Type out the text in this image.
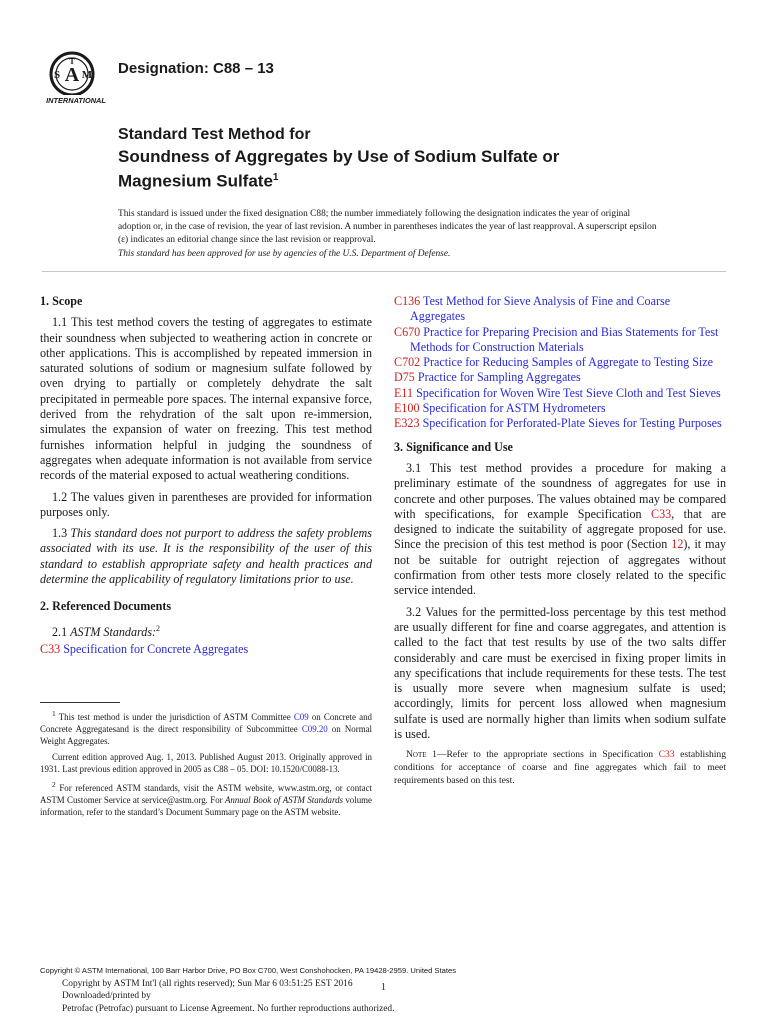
A
S M
T
INTERNATIONAL
Designation: C88 – 13

Standard Test Method for

Soundness of Aggregates by Use of Sodium Sulfate or
Magnesium Sulfate$^1$

This standard is issued under the fixed designation C88; the number immediately following the designation indicates the year of original adoption or, in the case of revision, the year of last revision. A number in parentheses indicates the year of last reapproval. A superscript epsilon (ε) indicates an editorial change since the last revision or reapproval.
This standard has been approved for use by agencies of the U.S. Department of Defense.

1. Scope

1.1 This test method covers the testing of aggregates to estimate their soundness when subjected to weathering action in concrete or other applications. This is accomplished by repeated immersion in saturated solutions of sodium or magnesium sulfate followed by oven drying to partially or completely dehydrate the salt precipitated in permeable pore spaces. The internal expansive force, derived from the rehydration of the salt upon re-immersion, simulates the expansion of water on freezing. This test method furnishes information helpful in judging the soundness of aggregates when adequate information is not available from service records of the material exposed to actual weathering conditions.

1.2 The values given in parentheses are provided for information purposes only.

1.3 This standard does not purport to address the safety problems associated with its use. It is the responsibility of the user of this standard to establish appropriate safety and health practices and determine the applicability of regulatory limitations prior to use.

2. Referenced Documents

2.1 ASTM Standards:$^2$

C33 Specification for Concrete Aggregates

$^1$ This test method is under the jurisdiction of ASTM Committee C09 on Concrete and Concrete Aggregatesand is the direct responsibility of Subcommittee C09.20 on Normal Weight Aggregates.

Current edition approved Aug. 1, 2013. Published August 2013. Originally approved in 1931. Last previous edition approved in 2005 as C88 – 05. DOI: 10.1520/C0088-13.

$^2$ For referenced ASTM standards, visit the ASTM website, www.astm.org, or contact ASTM Customer Service at service@astm.org. For Annual Book of ASTM Standards volume information, refer to the standard’s Document Summary page on the ASTM website.

C136 Test Method for Sieve Analysis of Fine and Coarse Aggregates
C670 Practice for Preparing Precision and Bias Statements for Test Methods for Construction Materials
C702 Practice for Reducing Samples of Aggregate to Testing Size
D75 Practice for Sampling Aggregates
E11 Specification for Woven Wire Test Sieve Cloth and Test Sieves
E100 Specification for ASTM Hydrometers
E323 Specification for Perforated-Plate Sieves for Testing Purposes

3. Significance and Use

3.1 This test method provides a procedure for making a preliminary estimate of the soundness of aggregates for use in concrete and other purposes. The values obtained may be compared with specifications, for example Specification C33, that are designed to indicate the suitability of aggregate proposed for use. Since the precision of this test method is poor (Section 12), it may not be suitable for outright rejection of aggregates without confirmation from other tests more closely related to the specific service intended.

3.2 Values for the permitted-loss percentage by this test method are usually different for fine and coarse aggregates, and attention is called to the fact that test results by use of the two salts differ considerably and care must be exercised in fixing proper limits in any specifications that include requirements for these tests. The test is usually more severe when magnesium sulfate is used; accordingly, limits for percent loss allowed when magnesium sulfate is used are normally higher than limits when sodium sulfate is used.

Note 1—Refer to the appropriate sections in Specification C33 establishing conditions for acceptance of coarse and fine aggregates which fail to meet requirements based on this test.

Copyright © ASTM International, 100 Barr Harbor Drive, PO Box C700, West Conshohocken, PA 19428-2959. United States
Copyright by ASTM Int'l (all rights reserved); Sun Mar 6 03:51:25 EST 2016
Downloaded/printed by
Petrofac (Petrofac) pursuant to License Agreement. No further reproductions authorized.
1
